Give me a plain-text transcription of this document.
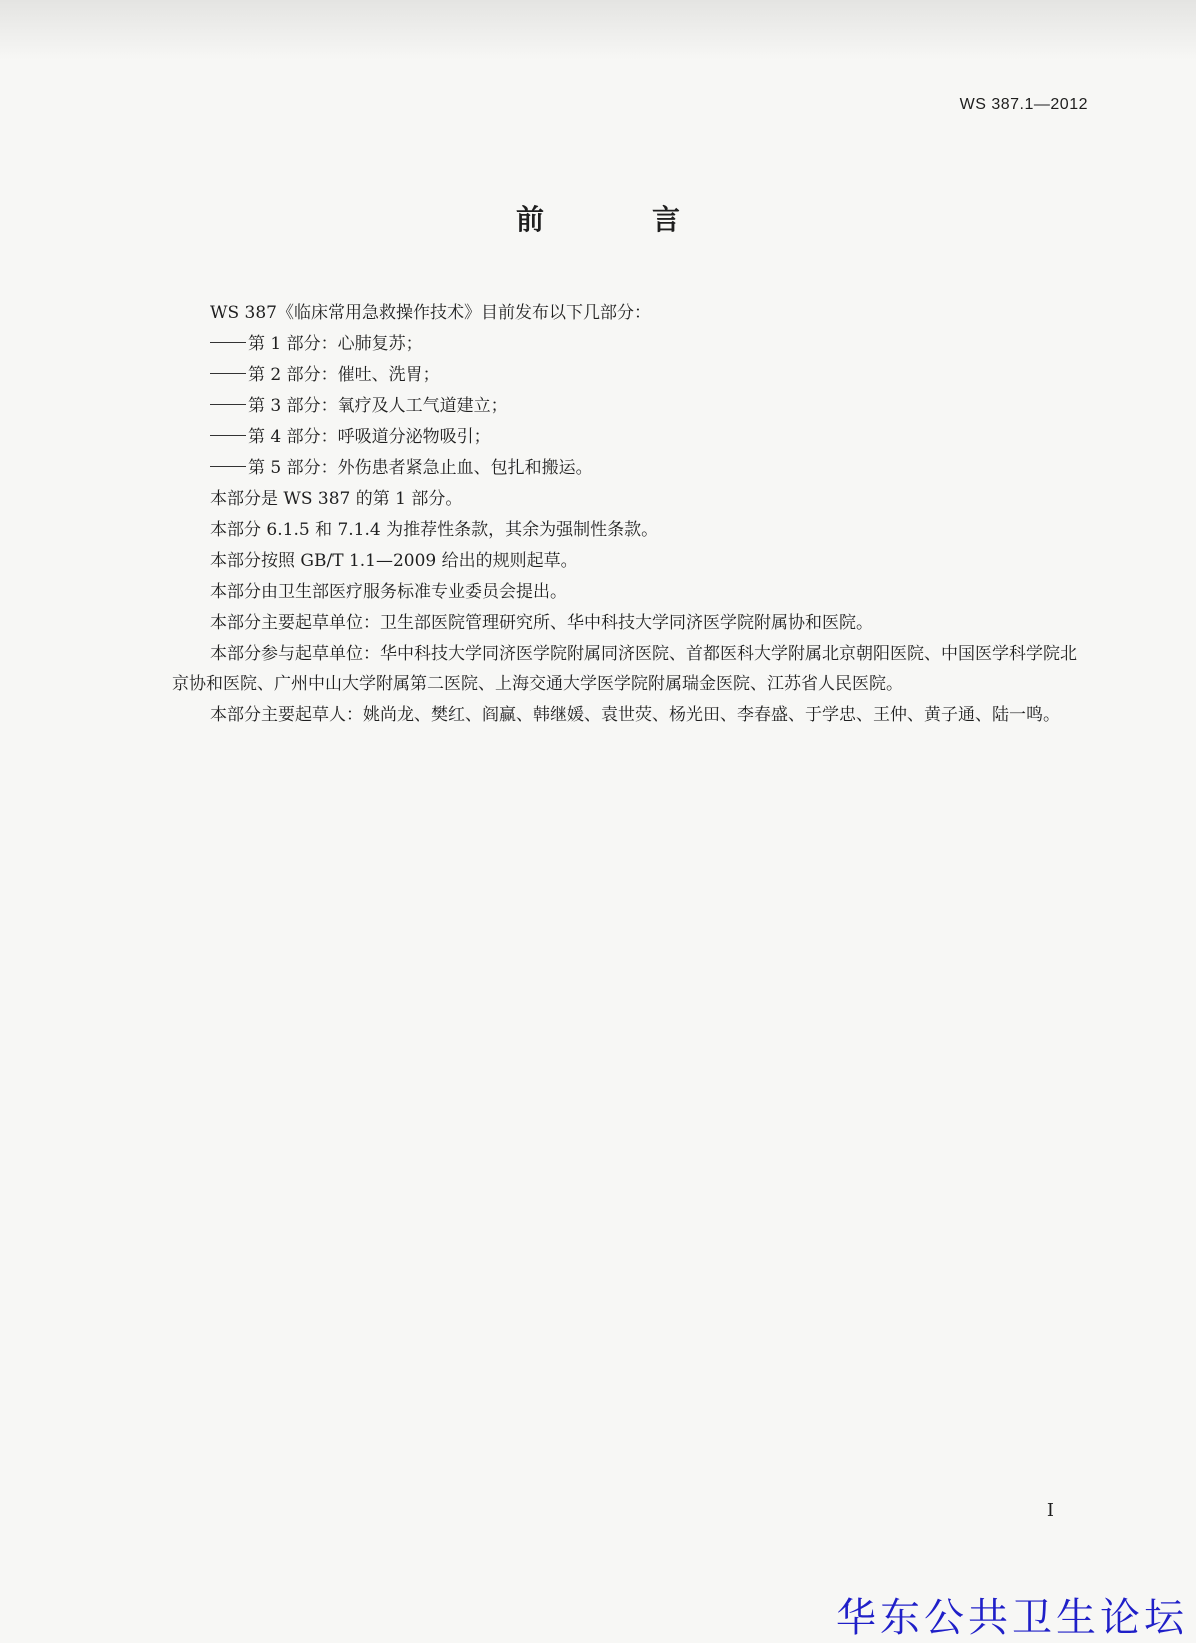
WS 387.1—2012
前　言

WS 387《临床常用急救操作技术》目前发布以下几部分：

第 1 部分：心肺复苏；

第 2 部分：催吐、洗胃；

第 3 部分：氧疗及人工气道建立；

第 4 部分：呼吸道分泌物吸引；

第 5 部分：外伤患者紧急止血、包扎和搬运。

本部分是 WS 387 的第 1 部分。

本部分 6.1.5 和 7.1.4 为推荐性条款，其余为强制性条款。

本部分按照 GB/T 1.1—2009 给出的规则起草。

本部分由卫生部医疗服务标准专业委员会提出。

本部分主要起草单位：卫生部医院管理研究所、华中科技大学同济医学院附属协和医院。

本部分参与起草单位：华中科技大学同济医学院附属同济医院、首都医科大学附属北京朝阳医院、中国医学科学院北京协和医院、广州中山大学附属第二医院、上海交通大学医学院附属瑞金医院、江苏省人民医院。

本部分主要起草人：姚尚龙、樊红、阎赢、韩继媛、袁世荧、杨光田、李春盛、于学忠、王仲、黄子通、陆一鸣。

I
华东公共卫生论坛
